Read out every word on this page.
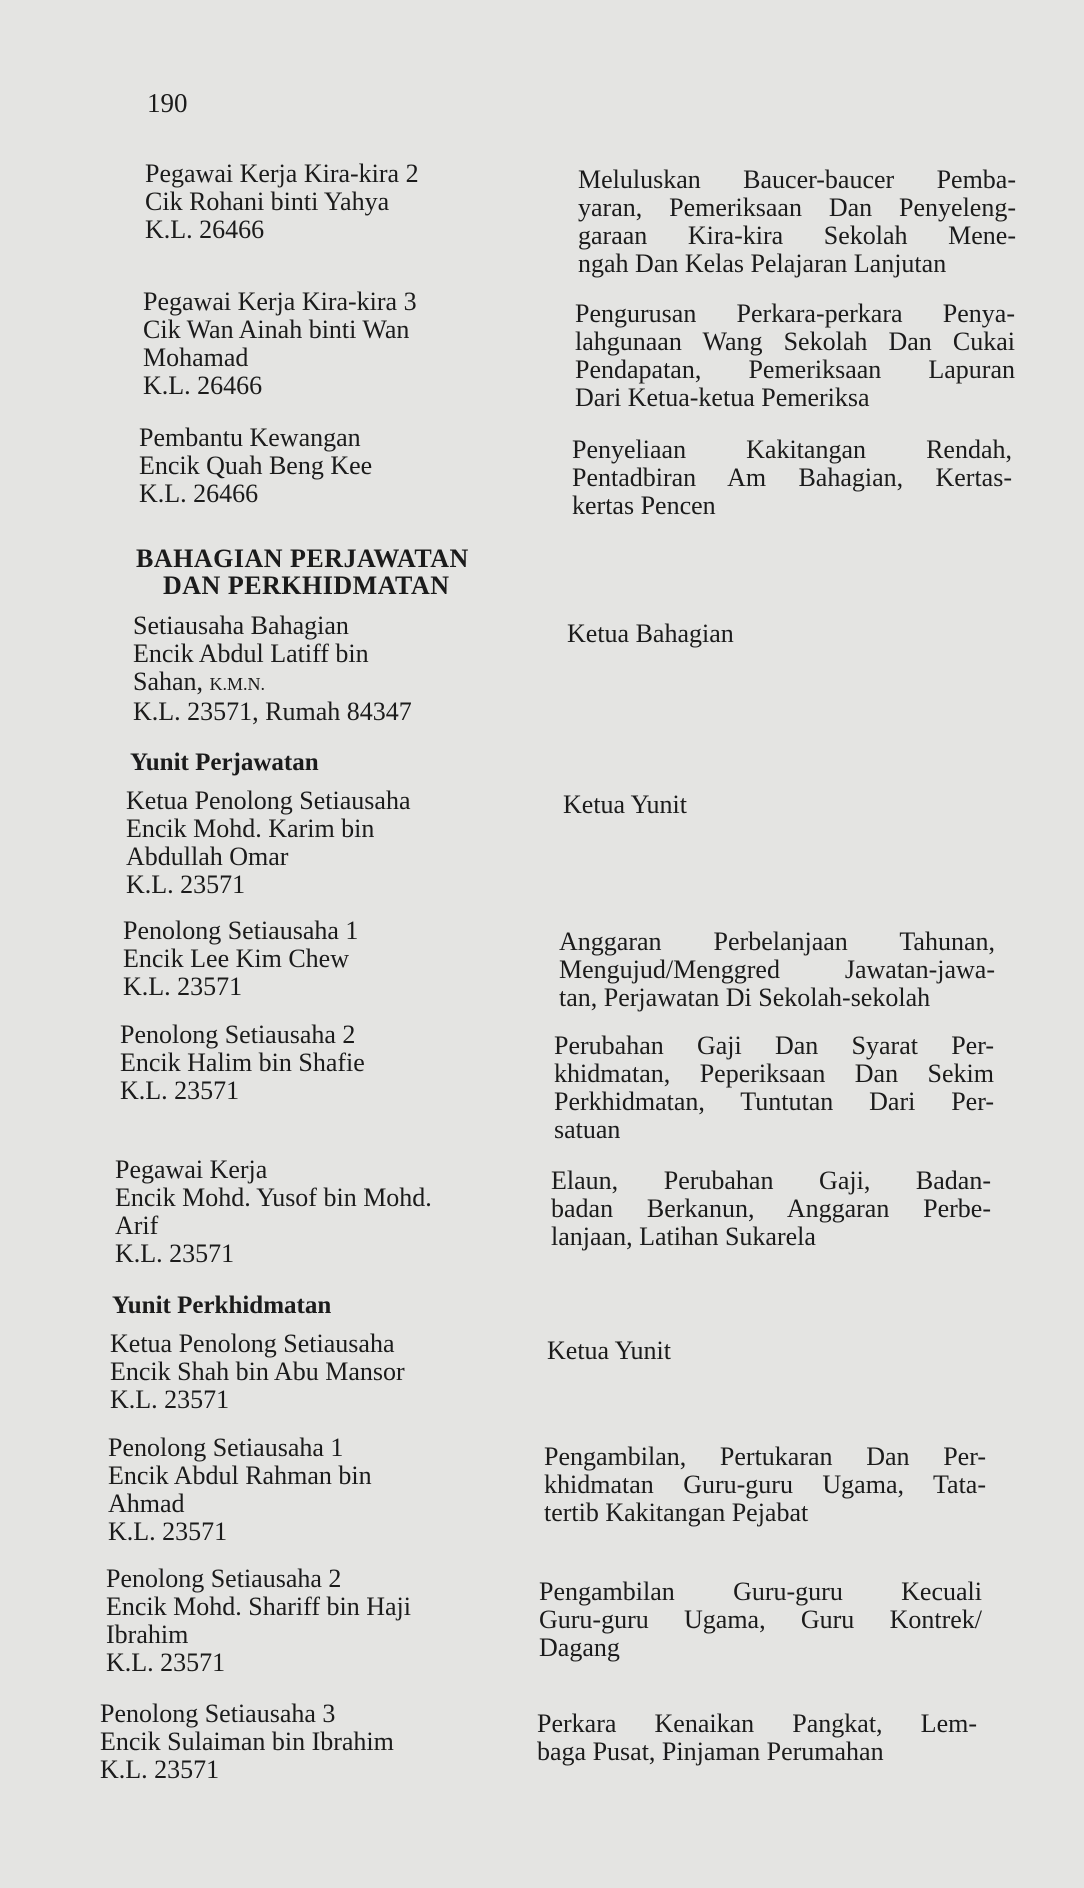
190
Pegawai Kerja Kira-kira 2
Cik Rohani binti Yahya
K.L. 26466
Meluluskan Baucer-baucer Pemba-
yaran, Pemeriksaan Dan Penyeleng-
garaan Kira-kira Sekolah Mene-
ngah Dan Kelas Pelajaran Lanjutan
Pegawai Kerja Kira-kira 3
Cik Wan Ainah binti Wan
Mohamad
K.L. 26466
Pengurusan Perkara-perkara Penya-
lahgunaan Wang Sekolah Dan Cukai
Pendapatan, Pemeriksaan Lapuran
Dari Ketua-ketua Pemeriksa
Pembantu Kewangan
Encik Quah Beng Kee
K.L. 26466
Penyeliaan Kakitangan Rendah,
Pentadbiran Am Bahagian, Kertas-
kertas Pencen
BAHAGIAN PERJAWATAN
DAN PERKHIDMATAN
Setiausaha Bahagian
Encik Abdul Latiff bin
Sahan, K.M.N.
K.L. 23571, Rumah 84347
Ketua Bahagian
Yunit Perjawatan
Ketua Penolong Setiausaha
Encik Mohd. Karim bin
Abdullah Omar
K.L. 23571
Ketua Yunit
Penolong Setiausaha 1
Encik Lee Kim Chew
K.L. 23571
Anggaran Perbelanjaan Tahunan,
Mengujud/Menggred Jawatan-jawa-
tan, Perjawatan Di Sekolah-sekolah
Penolong Setiausaha 2
Encik Halim bin Shafie
K.L. 23571
Perubahan Gaji Dan Syarat Per-
khidmatan, Peperiksaan Dan Sekim
Perkhidmatan, Tuntutan Dari Per-
satuan
Pegawai Kerja
Encik Mohd. Yusof bin Mohd.
Arif
K.L. 23571
Elaun, Perubahan Gaji, Badan-
badan Berkanun, Anggaran Perbe-
lanjaan, Latihan Sukarela
Yunit Perkhidmatan
Ketua Penolong Setiausaha
Encik Shah bin Abu Mansor
K.L. 23571
Ketua Yunit
Penolong Setiausaha 1
Encik Abdul Rahman bin
Ahmad
K.L. 23571
Pengambilan, Pertukaran Dan Per-
khidmatan Guru-guru Ugama, Tata-
tertib Kakitangan Pejabat
Penolong Setiausaha 2
Encik Mohd. Shariff bin Haji
Ibrahim
K.L. 23571
Pengambilan Guru-guru Kecuali
Guru-guru Ugama, Guru Kontrek/
Dagang
Penolong Setiausaha 3
Encik Sulaiman bin Ibrahim
K.L. 23571
Perkara Kenaikan Pangkat, Lem-
baga Pusat, Pinjaman Perumahan
